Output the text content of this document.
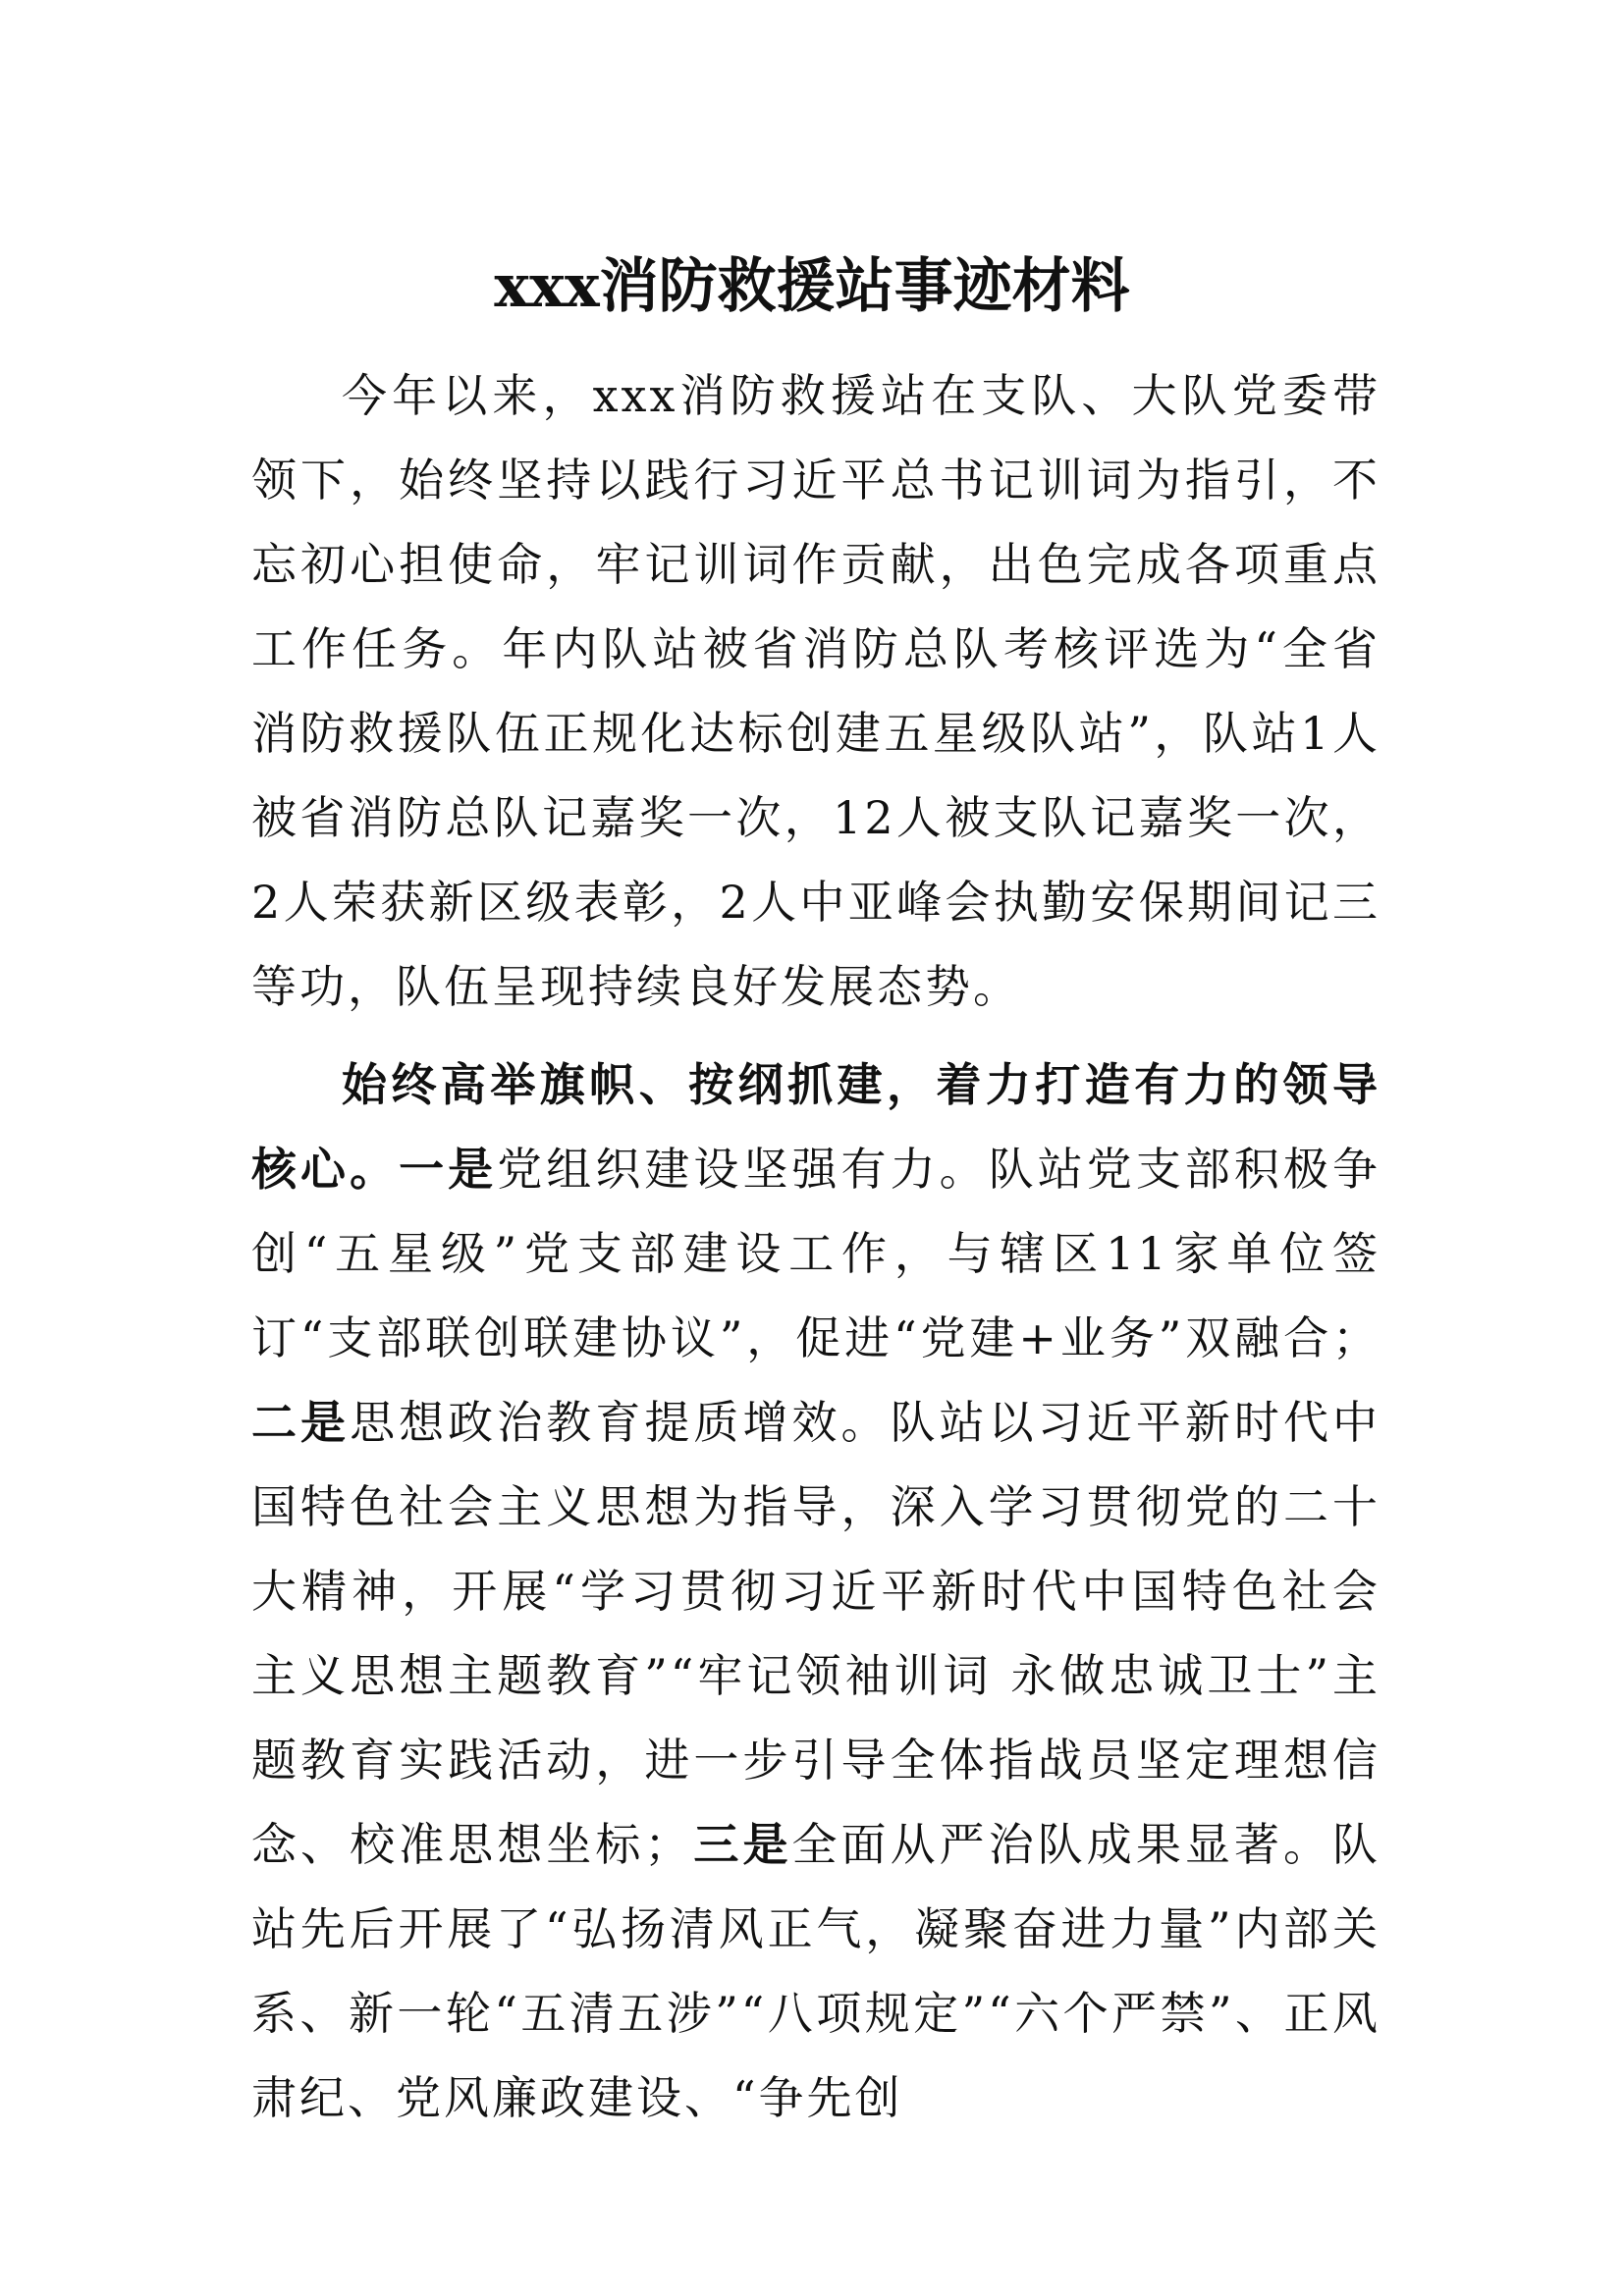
xxx消防救援站事迹材料

今年以来，xxx消防救援站在支队、大队党委带领下，始终坚持以践行习近平总书记训词为指引，不忘初心担使命，牢记训词作贡献，出色完成各项重点工作任务。年内队站被省消防总队考核评选为“全省消防救援队伍正规化达标创建五星级队站”，队站1人被省消防总队记嘉奖一次，12人被支队记嘉奖一次，2人荣获新区级表彰，2人中亚峰会执勤安保期间记三等功，队伍呈现持续良好发展态势。

始终高举旗帜、按纲抓建，着力打造有力的领导核心。一是党组织建设坚强有力。队站党支部积极争创“五星级”党支部建设工作，与辖区11家单位签订“支部联创联建协议”，促进“党建+业务”双融合；二是思想政治教育提质增效。队站以习近平新时代中国特色社会主义思想为指导，深入学习贯彻党的二十大精神，开展“学习贯彻习近平新时代中国特色社会主义思想主题教育”“牢记领袖训词 永做忠诚卫士”主题教育实践活动，进一步引导全体指战员坚定理想信念、校准思想坐标；三是全面从严治队成果显著。队站先后开展了“弘扬清风正气，凝聚奋进力量”内部关系、新一轮“五清五涉”“八项规定”“六个严禁”、正风肃纪、党风廉政建设、“争先创
